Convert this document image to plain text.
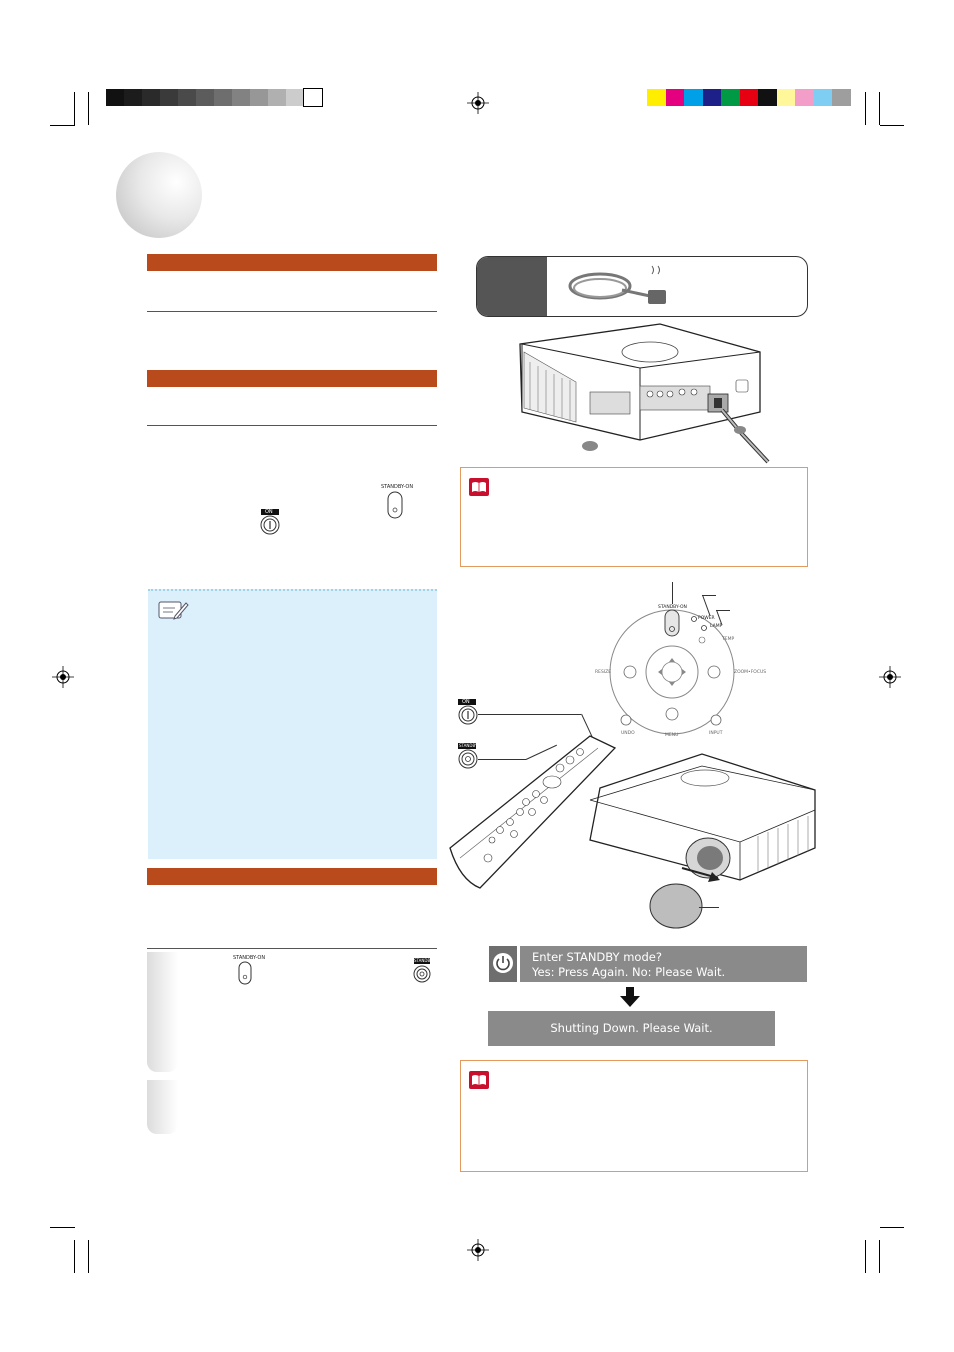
STANDBY-ON
ON
STANDBY-ON	STANDBY
STANDBY-ON
POWER
LAMP
TEMP
RESIZE	ZOOM•FOCUS
UNDO	MENU	INPUT
ON
STANDBY
Enter STANDBY mode?
Yes: Press Again. No: Please Wait.
Shutting Down. Please Wait.
